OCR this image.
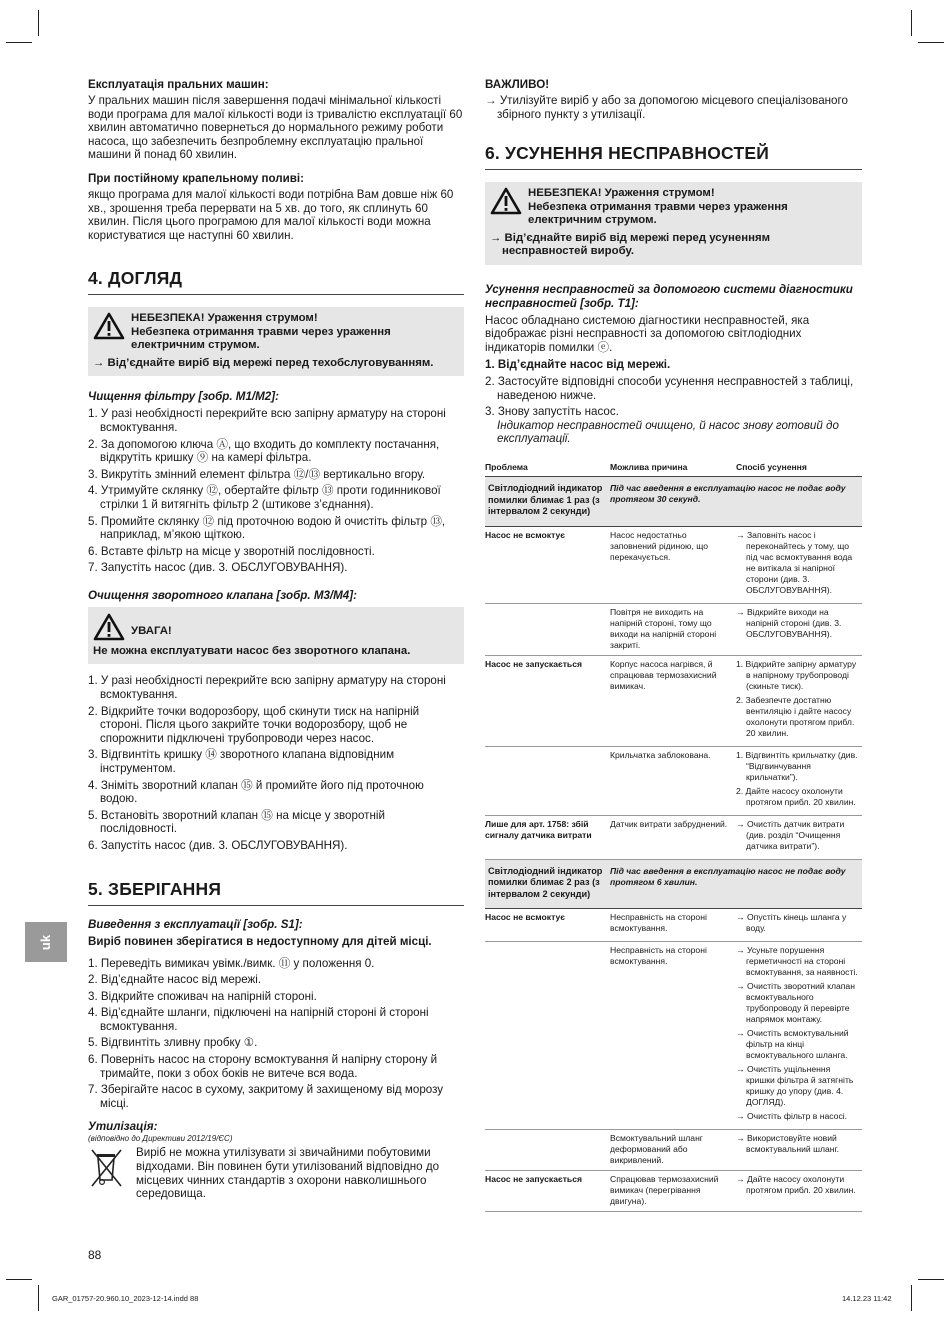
Експлуатація пральних машин:
У пральних машин після завершення подачі мінімальної кількості води програма для малої кількості води із тривалістю експлуатації 60 хвилин автоматично повернеться до нормального режиму роботи насоса, що забезпечить безпроблемну експлуатацію пральної машини й понад 60 хвилин.
При постійному крапельному поливі:
якщо програма для малої кількості води потрібна Вам довше ніж 60 хв., зрошення треба перервати на 5 хв. до того, як сплинуть 60 хвилин. Після цього програмою для малої кількості води можна користуватися ще наступні 60 хвилин.
4. ДОГЛЯД
НЕБЕЗПЕКА! Ураження струмом!
Небезпека отримання травми через ураження електричним струмом.
→ Від’єднайте виріб від мережі перед техобслуговуванням.
Чищення фільтру [зобр. M1/M2]:
1. У разі необхідності перекрийте всю запірну арматуру на стороні всмоктування.
2. За допомогою ключа Ⓐ, що входить до комплекту постачання, відкрутіть кришку ⑨ на камері фільтра.
3. Викрутіть змінний елемент фільтра ⑫/⑬ вертикально вгору.
4. Утримуйте склянку ⑫, обертайте фільтр ⑬ проти годинникової стрілки 1 й витягніть фільтр 2 (штикове з’єднання).
5. Промийте склянку ⑫ під проточною водою й очистіть фільтр ⑬, наприклад, м’якою щіткою.
6. Вставте фільтр на місце у зворотній послідовності.
7. Запустіть насос (див. 3. ОБСЛУГОВУВАННЯ).
Очищення зворотного клапана [зобр. M3/M4]:
УВАГА!
Не можна експлуатувати насос без зворотного клапана.
1. У разі необхідності перекрийте всю запірну арматуру на стороні всмоктування.
2. Відкрийте точки водорозбору, щоб скинути тиск на напірній стороні. Після цього закрийте точки водорозбору, щоб не спорожнити підключені трубопроводи через насос.
3. Відгвинтіть кришку ⑭ зворотного клапана відповідним інструментом.
4. Зніміть зворотний клапан ⑮ й промийте його під проточною водою.
5. Встановіть зворотний клапан ⑮ на місце у зворотній послідовності.
6. Запустіть насос (див. 3. ОБСЛУГОВУВАННЯ).
5. ЗБЕРІГАННЯ
Виведення з експлуатації [зобр. S1]:
Виріб повинен зберігатися в недоступному для дітей місці.
1. Переведіть вимикач увімк./вимк. ⑪ у положення 0.
2. Від’єднайте насос від мережі.
3. Відкрийте споживач на напірній стороні.
4. Від’єднайте шланги, підключені на напірній стороні й стороні всмоктування.
5. Відгвинтіть зливну пробку ①.
6. Поверніть насос на сторону всмоктування й напірну сторону й тримайте, поки з обох боків не витече вся вода.
7. Зберігайте насос в сухому, закритому й захищеному від морозу місці.
Утилізація:
(відповідно до Директиви 2012/19/ЄС)
Виріб не можна утилізувати зі звичайними побутовими відходами. Він повинен бути утилізований відповідно до місцевих чинних стандартів з охорони навколишнього середовища.
ВАЖЛИВО!
→ Утилізуйте виріб у або за допомогою місцевого спеціалізованого збірного пункту з утилізації.
6. УСУНЕННЯ НЕСПРАВНОСТЕЙ
НЕБЕЗПЕКА! Ураження струмом!
Небезпека отримання травми через ураження електричним струмом.
→ Від’єднайте виріб від мережі перед усуненням несправностей виробу.
Усунення несправностей за допомогою системи діагностики несправностей [зобр. T1]:
Насос обладнано системою діагностики несправностей, яка відображає різні несправності за допомогою світлодіодних індикаторів помилки ⓔ.
1. Від’єднайте насос від мережі.
2. Застосуйте відповідні способи усунення несправностей з таблиці, наведеною нижче.
3. Знову запустіть насос.
Індикатор несправностей очищено, й насос знову готовий до експлуатації.
Проблема	Можлива причина	Спосіб усунення
Світлодіодний індикатор помилки блимає 1 раз (з інтервалом 2 секунди)	Під час введення в експлуатацію насос не подає воду протягом 30 секунд.	
Насос не всмоктує	Насос недостатньо заповнений рідиною, що перекачується.	→ Заповніть насос і переконайтесь у тому, що під час всмоктування вода не витікала зі напірної сторони (див. 3. ОБСЛУГОВУВАННЯ).

	Повітря не виходить на напірній стороні, тому що виходи на напірній стороні закриті.	→ Відкрийте виходи на напірній стороні (див. 3. ОБСЛУГОВУВАННЯ).

Насос не запускається	Корпус насоса нагрівся, й спрацював термозахисний вимикач.	1. Відкрийте запірну арматуру в напірному трубопроводі (скиньте тиск).
2. Забезпечте достатню вентиляцію і дайте насосу охолонути протягом прибл. 20 хвилин.

	Крильчатка заблокована.	1. Відгвинтіть крильчатку (див. “Відгвинчування крильчатки”).
2. Дайте насосу охолонути протягом прибл. 20 хвилин.

Лише для арт. 1758: збій сигналу датчика витрати	Датчик витрати забруднений.	→ Очистіть датчик витрати (див. розділ “Очищення датчика витрати”).

Світлодіодний індикатор помилки блимає 2 раз (з інтервалом 2 секунди)	Під час введення в експлуатацію насос не подає воду протягом 6 хвилин.	
Насос не всмоктує	Несправність на стороні всмоктування.	→ Опустіть кінець шланга у воду.

	Несправність на стороні всмоктування.	→ Усуньте порушення герметичності на стороні всмоктування, за наявності.
→ Очистіть зворотний клапан всмоктувального трубопроводу й перевірте напрямок монтажу.
→ Очистіть всмоктувальний фільтр на кінці всмоктувального шланга.
→ Очистіть ущільнення кришки фільтра й затягніть кришку до упору (див. 4. ДОГЛЯД).
→ Очистіть фільтр в насосі.

	Всмоктувальний шланг деформований або викривлений.	→ Використовуйте новий всмоктувальний шланг.

Насос не запускається	Спрацював термозахисний вимикач (перегрівання двигуна).	→ Дайте насосу охолонути протягом прибл. 20 хвилин.
uk
88
GAR_01757-20.960.10_2023-12-14.indd 88	14.12.23 11:42
